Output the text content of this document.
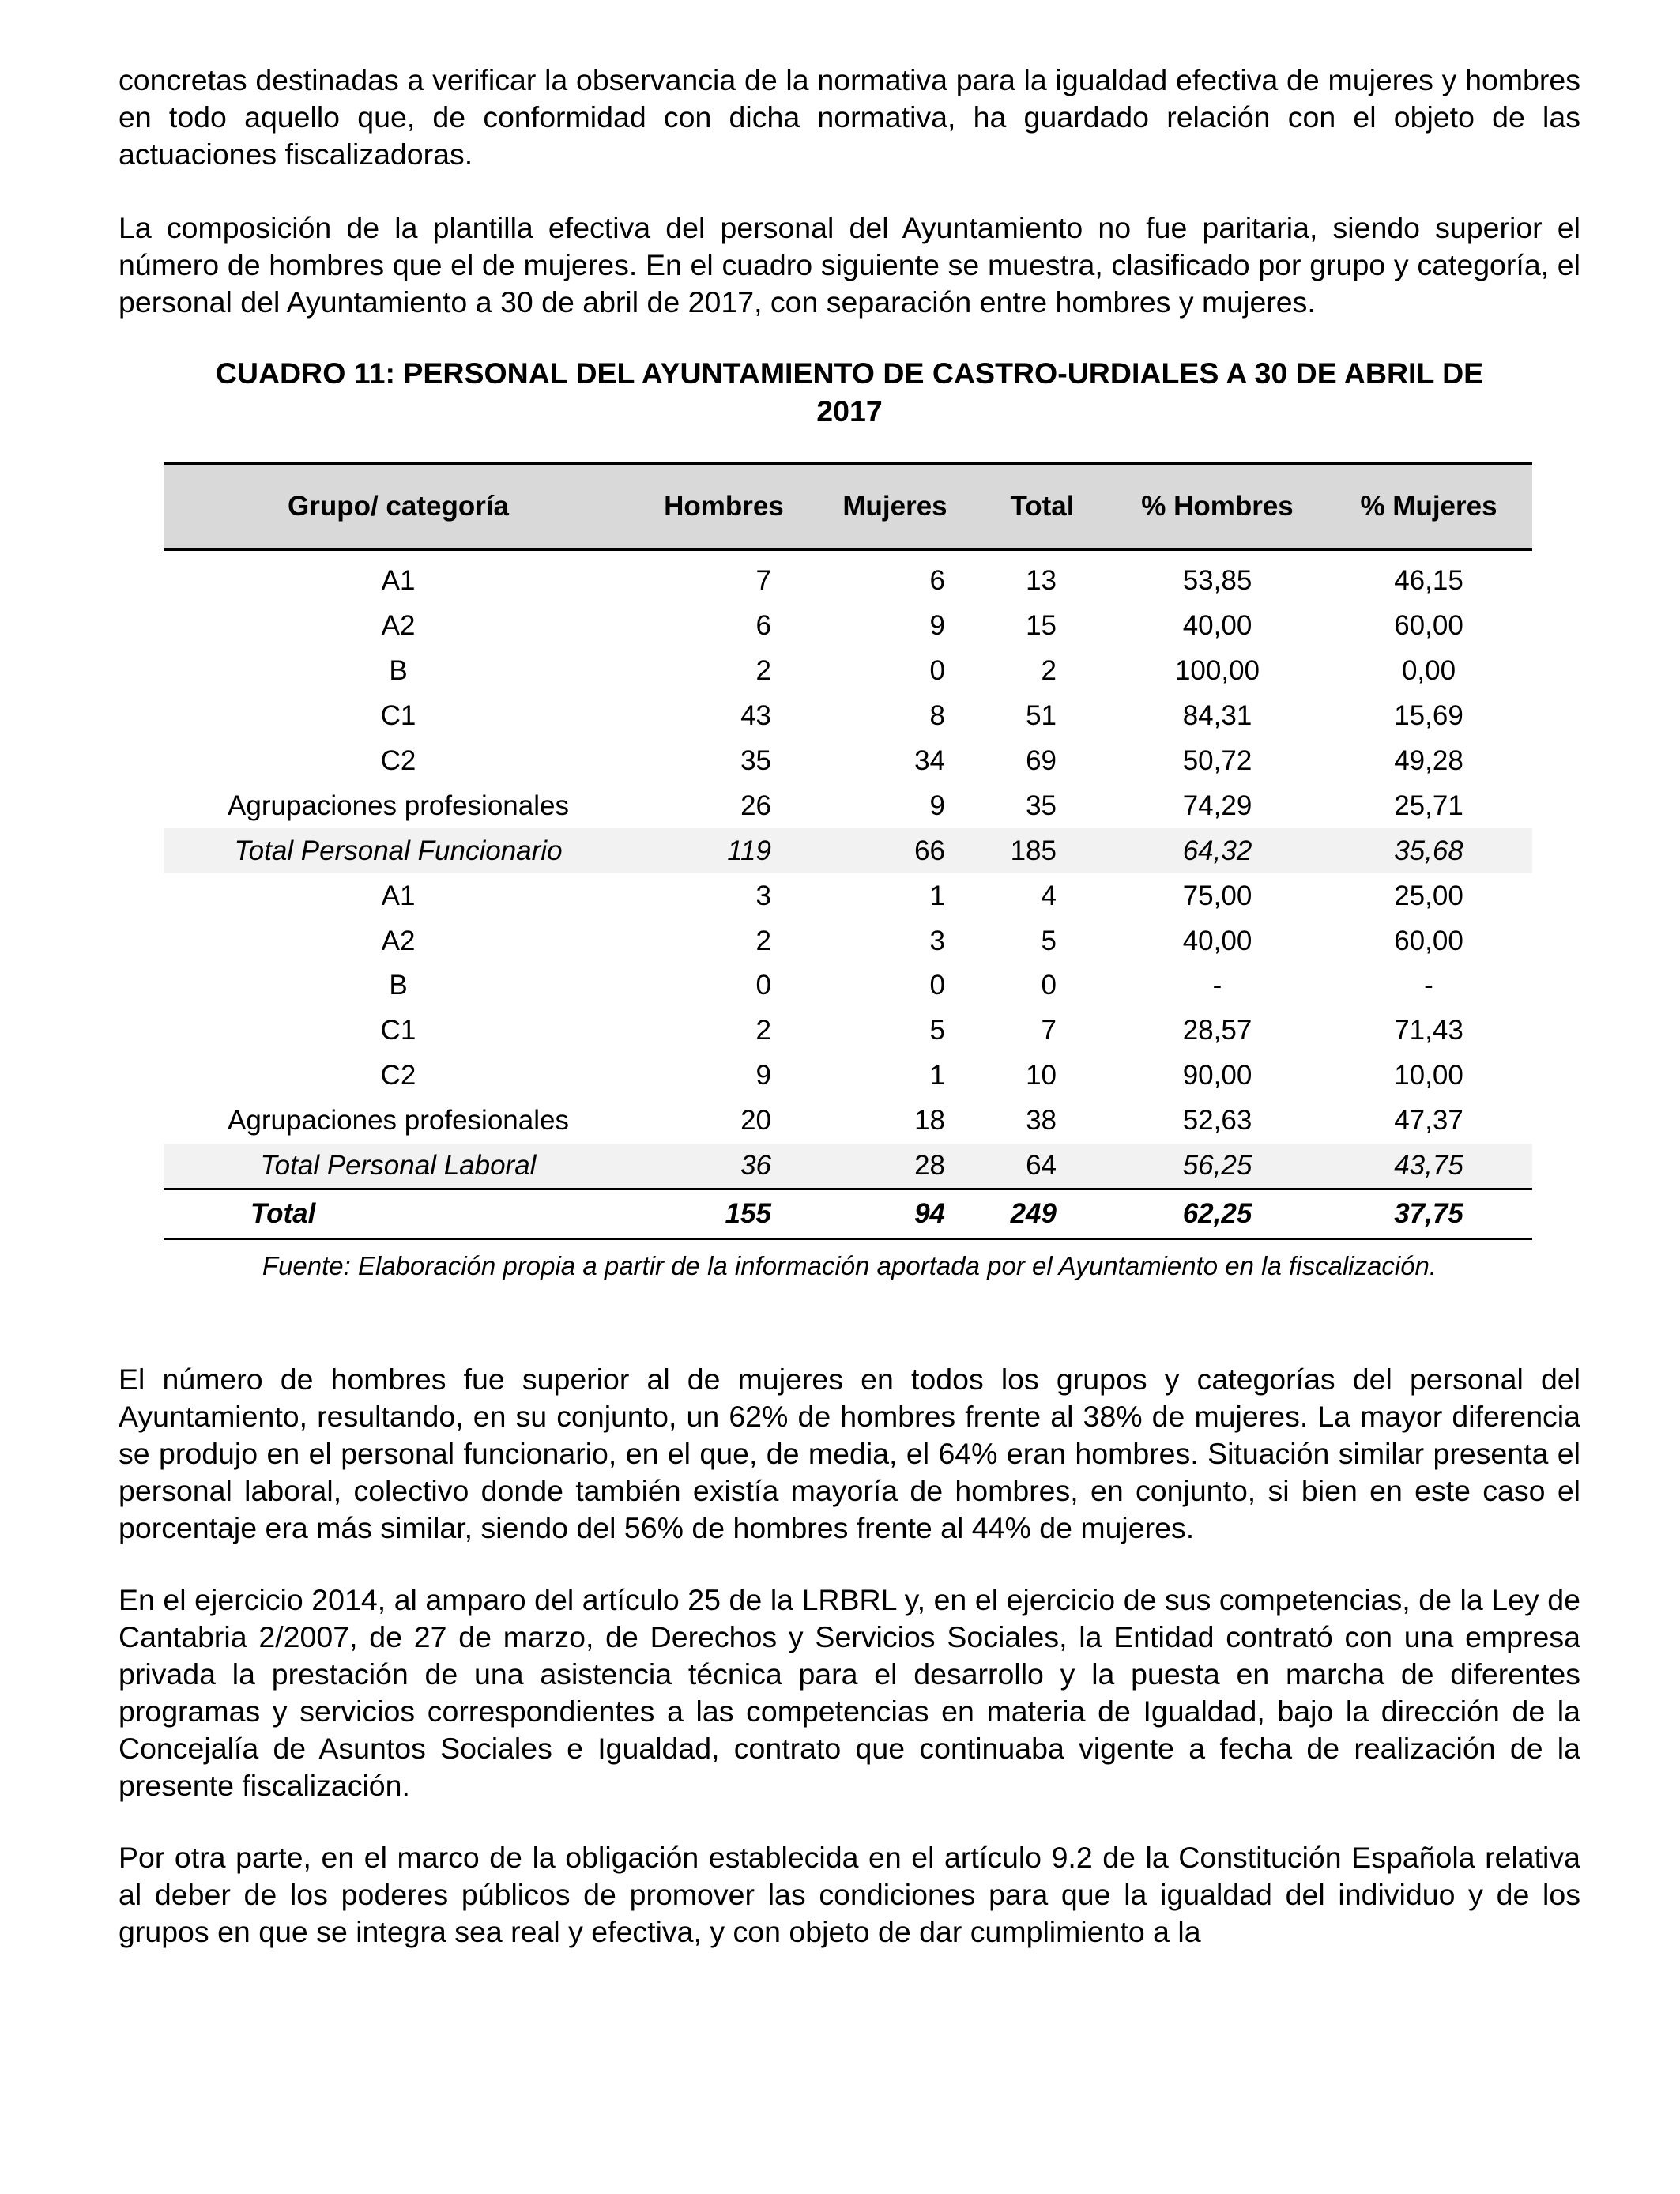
concretas destinadas a verificar la observancia de la normativa para la igualdad efectiva de mujeres y hombres en todo aquello que, de conformidad con dicha normativa, ha guardado relación con el objeto de las actuaciones fiscalizadoras.

La composición de la plantilla efectiva del personal del Ayuntamiento no fue paritaria, siendo superior el número de hombres que el de mujeres. En el cuadro siguiente se muestra, clasificado por grupo y categoría, el personal del Ayuntamiento a 30 de abril de 2017, con separación entre hombres y mujeres.

CUADRO 11: PERSONAL DEL AYUNTAMIENTO DE CASTRO-URDIALES A 30 DE ABRIL DE
2017
Grupo/ categoría	Hombres	Mujeres	Total	% Hombres	% Mujeres
A1	7	6	13	53,85	46,15
A2	6	9	15	40,00	60,00
B	2	0	2	100,00	0,00
C1	43	8	51	84,31	15,69
C2	35	34	69	50,72	49,28
Agrupaciones profesionales	26	9	35	74,29	25,71
Total Personal Funcionario	119	66	185	64,32	35,68
A1	3	1	4	75,00	25,00
A2	2	3	5	40,00	60,00
B	0	0	0	-	-
C1	2	5	7	28,57	71,43
C2	9	1	10	90,00	10,00
Agrupaciones profesionales	20	18	38	52,63	47,37
Total Personal Laboral	36	28	64	56,25	43,75
Total	155	94	249	62,25	37,75

Fuente: Elaboración propia a partir de la información aportada por el Ayuntamiento en la fiscalización.

El número de hombres fue superior al de mujeres en todos los grupos y categorías del personal del Ayuntamiento, resultando, en su conjunto, un 62% de hombres frente al 38% de mujeres. La mayor diferencia se produjo en el personal funcionario, en el que, de media, el 64% eran hombres. Situación similar presenta el personal laboral, colectivo donde también existía mayoría de hombres, en conjunto, si bien en este caso el porcentaje era más similar, siendo del 56% de hombres frente al 44% de mujeres.

En el ejercicio 2014, al amparo del artículo 25 de la LRBRL y, en el ejercicio de sus competencias, de la Ley de Cantabria 2/2007, de 27 de marzo, de Derechos y Servicios Sociales, la Entidad contrató con una empresa privada la prestación de una asistencia técnica para el desarrollo y la puesta en marcha de diferentes programas y servicios correspondientes a las competencias en materia de Igualdad, bajo la dirección de la Concejalía de Asuntos Sociales e Igualdad, contrato que continuaba vigente a fecha de realización de la presente fiscalización.

Por otra parte, en el marco de la obligación establecida en el artículo 9.2 de la Constitución Española relativa al deber de los poderes públicos de promover las condiciones para que la igualdad del individuo y de los grupos en que se integra sea real y efectiva, y con objeto de dar cumplimiento a la
